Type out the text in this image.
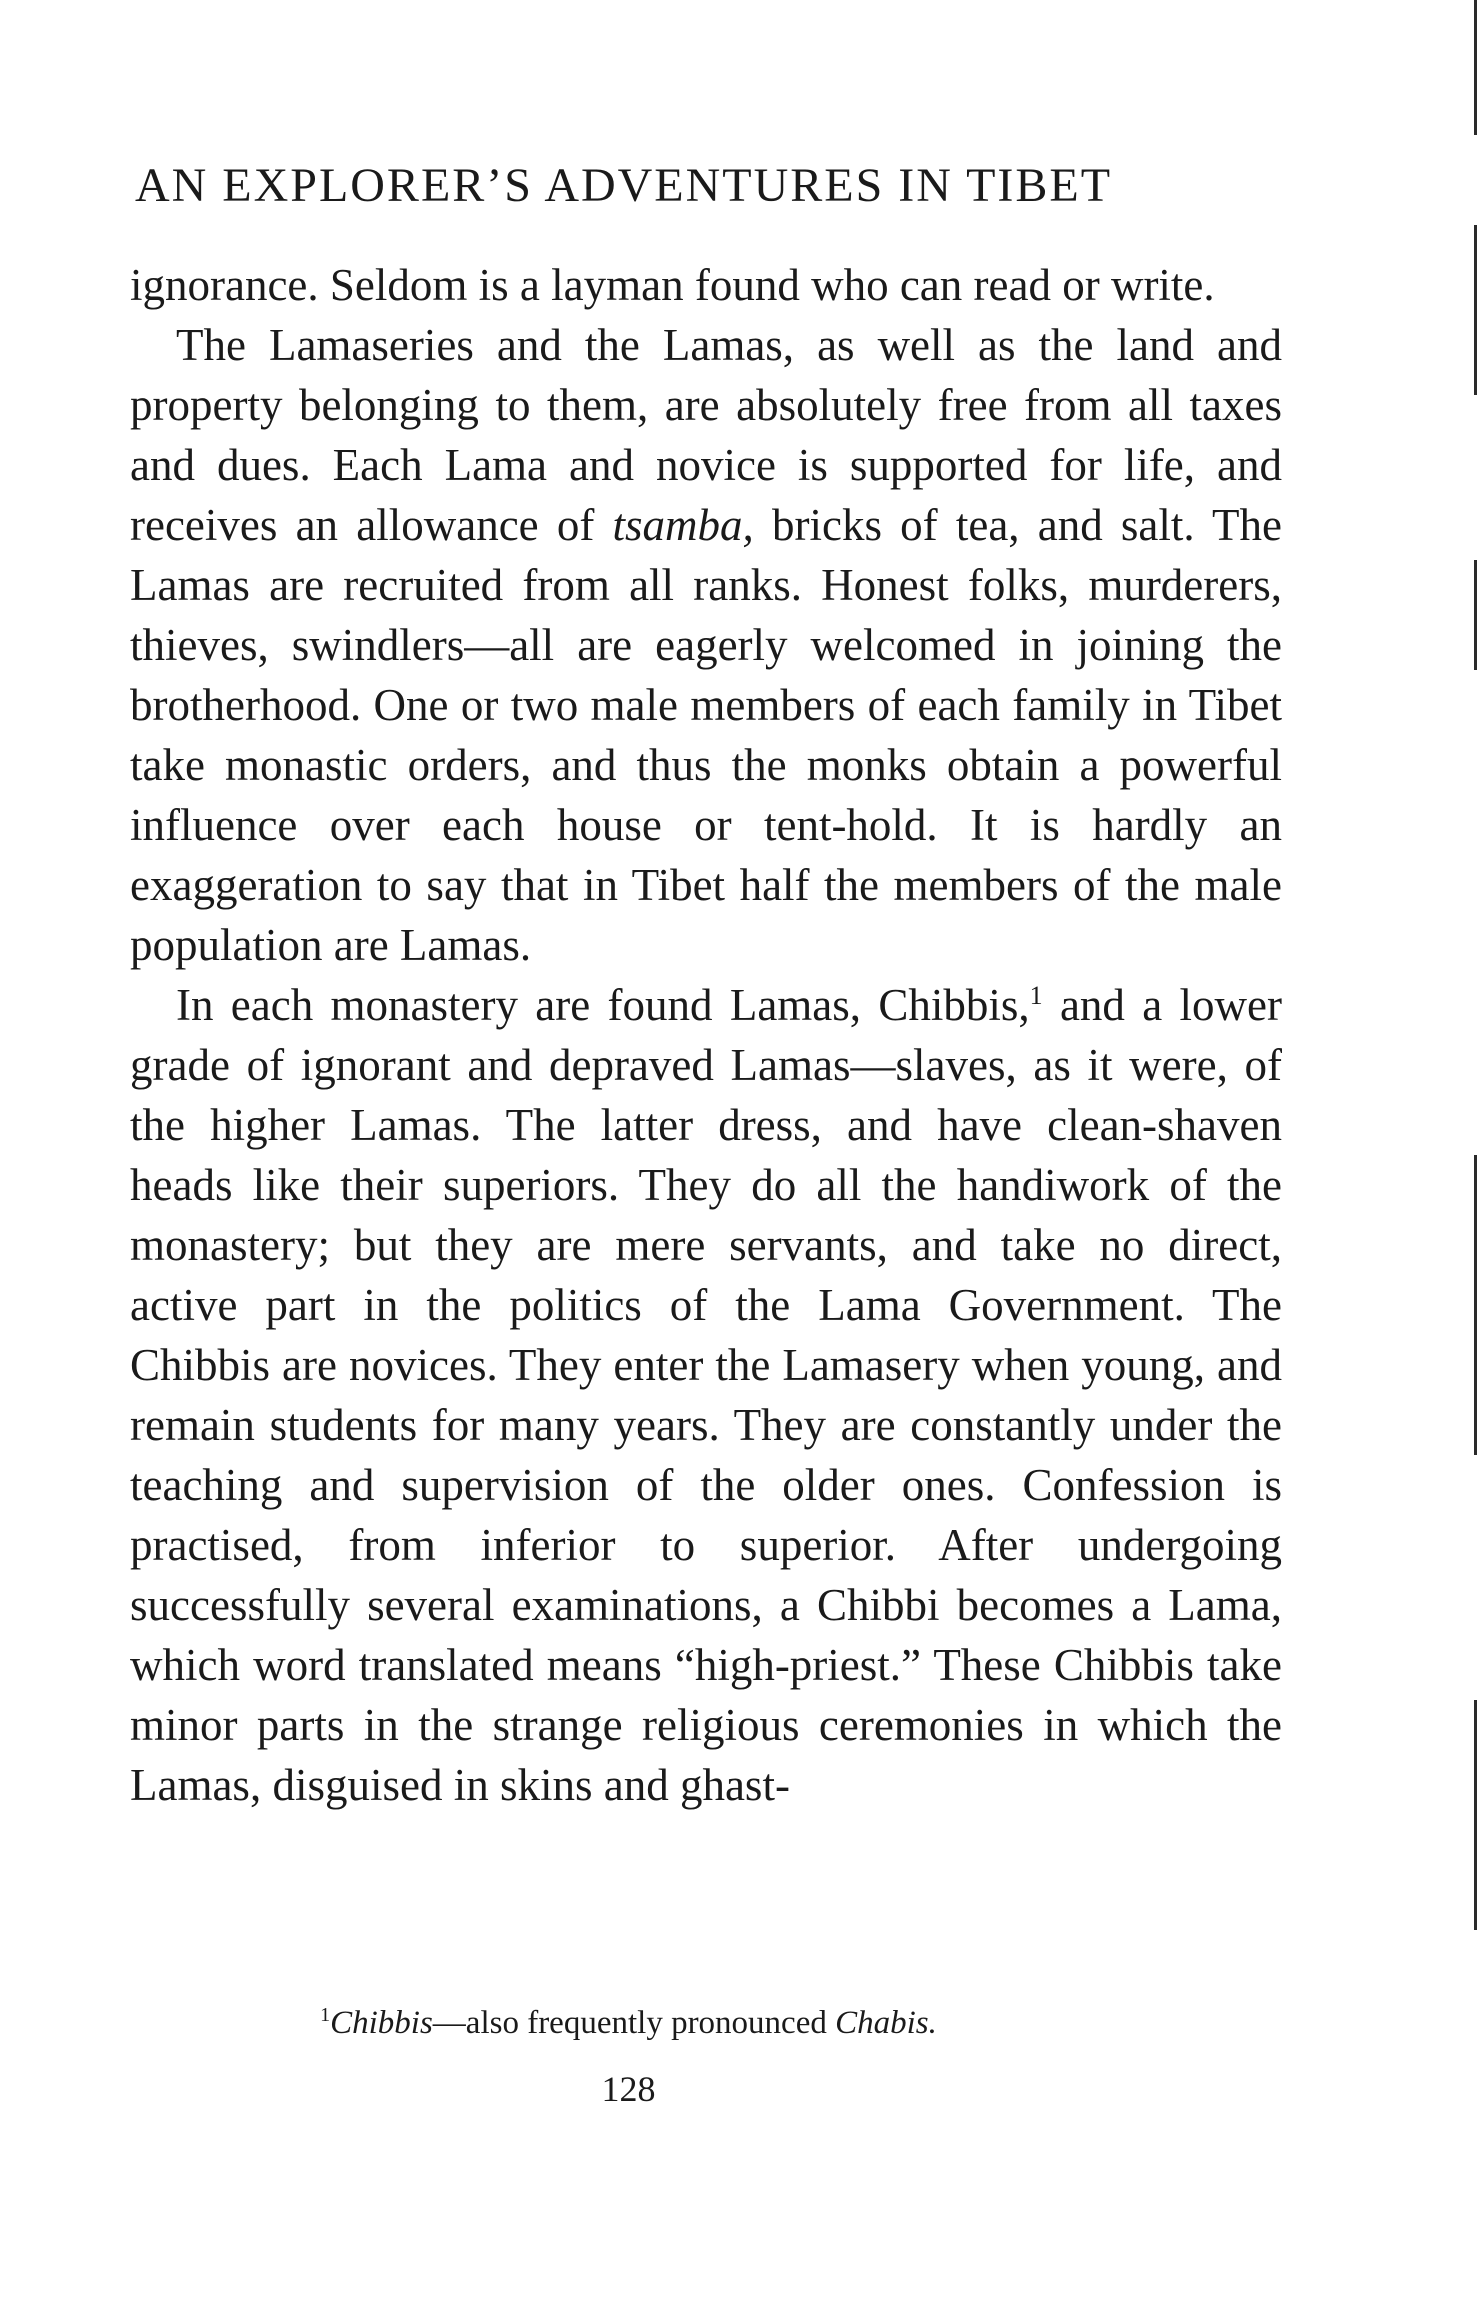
AN EXPLORER’S ADVENTURES IN TIBET

ignorance. Seldom is a layman found who can read or write.

The Lamaseries and the Lamas, as well as the land and property belonging to them, are absolutely free from all taxes and dues. Each Lama and novice is supported for life, and receives an allowance of tsamba, bricks of tea, and salt. The Lamas are recruited from all ranks. Honest folks, murderers, thieves, swindlers—all are eagerly welcomed in joining the brotherhood. One or two male members of each family in Tibet take monastic orders, and thus the monks obtain a powerful influence over each house or tent-hold. It is hardly an exaggeration to say that in Tibet half the members of the male population are Lamas.

In each monastery are found Lamas, Chibbis,$^1$ and a lower grade of ignorant and depraved Lamas—slaves, as it were, of the higher Lamas. The latter dress, and have clean-shaven heads like their superiors. They do all the handiwork of the monastery; but they are mere servants, and take no direct, active part in the politics of the Lama Government. The Chibbis are novices. They enter the Lamasery when young, and remain students for many years. They are constantly under the teaching and supervision of the older ones. Confession is practised, from inferior to superior. After undergoing successfully several examinations, a Chibbi becomes a Lama, which word translated means “high-priest.” These Chibbis take minor parts in the strange religious ceremonies in which the Lamas, disguised in skins and ghast-

$^1$Chibbis—also frequently pronounced Chabis.
128
